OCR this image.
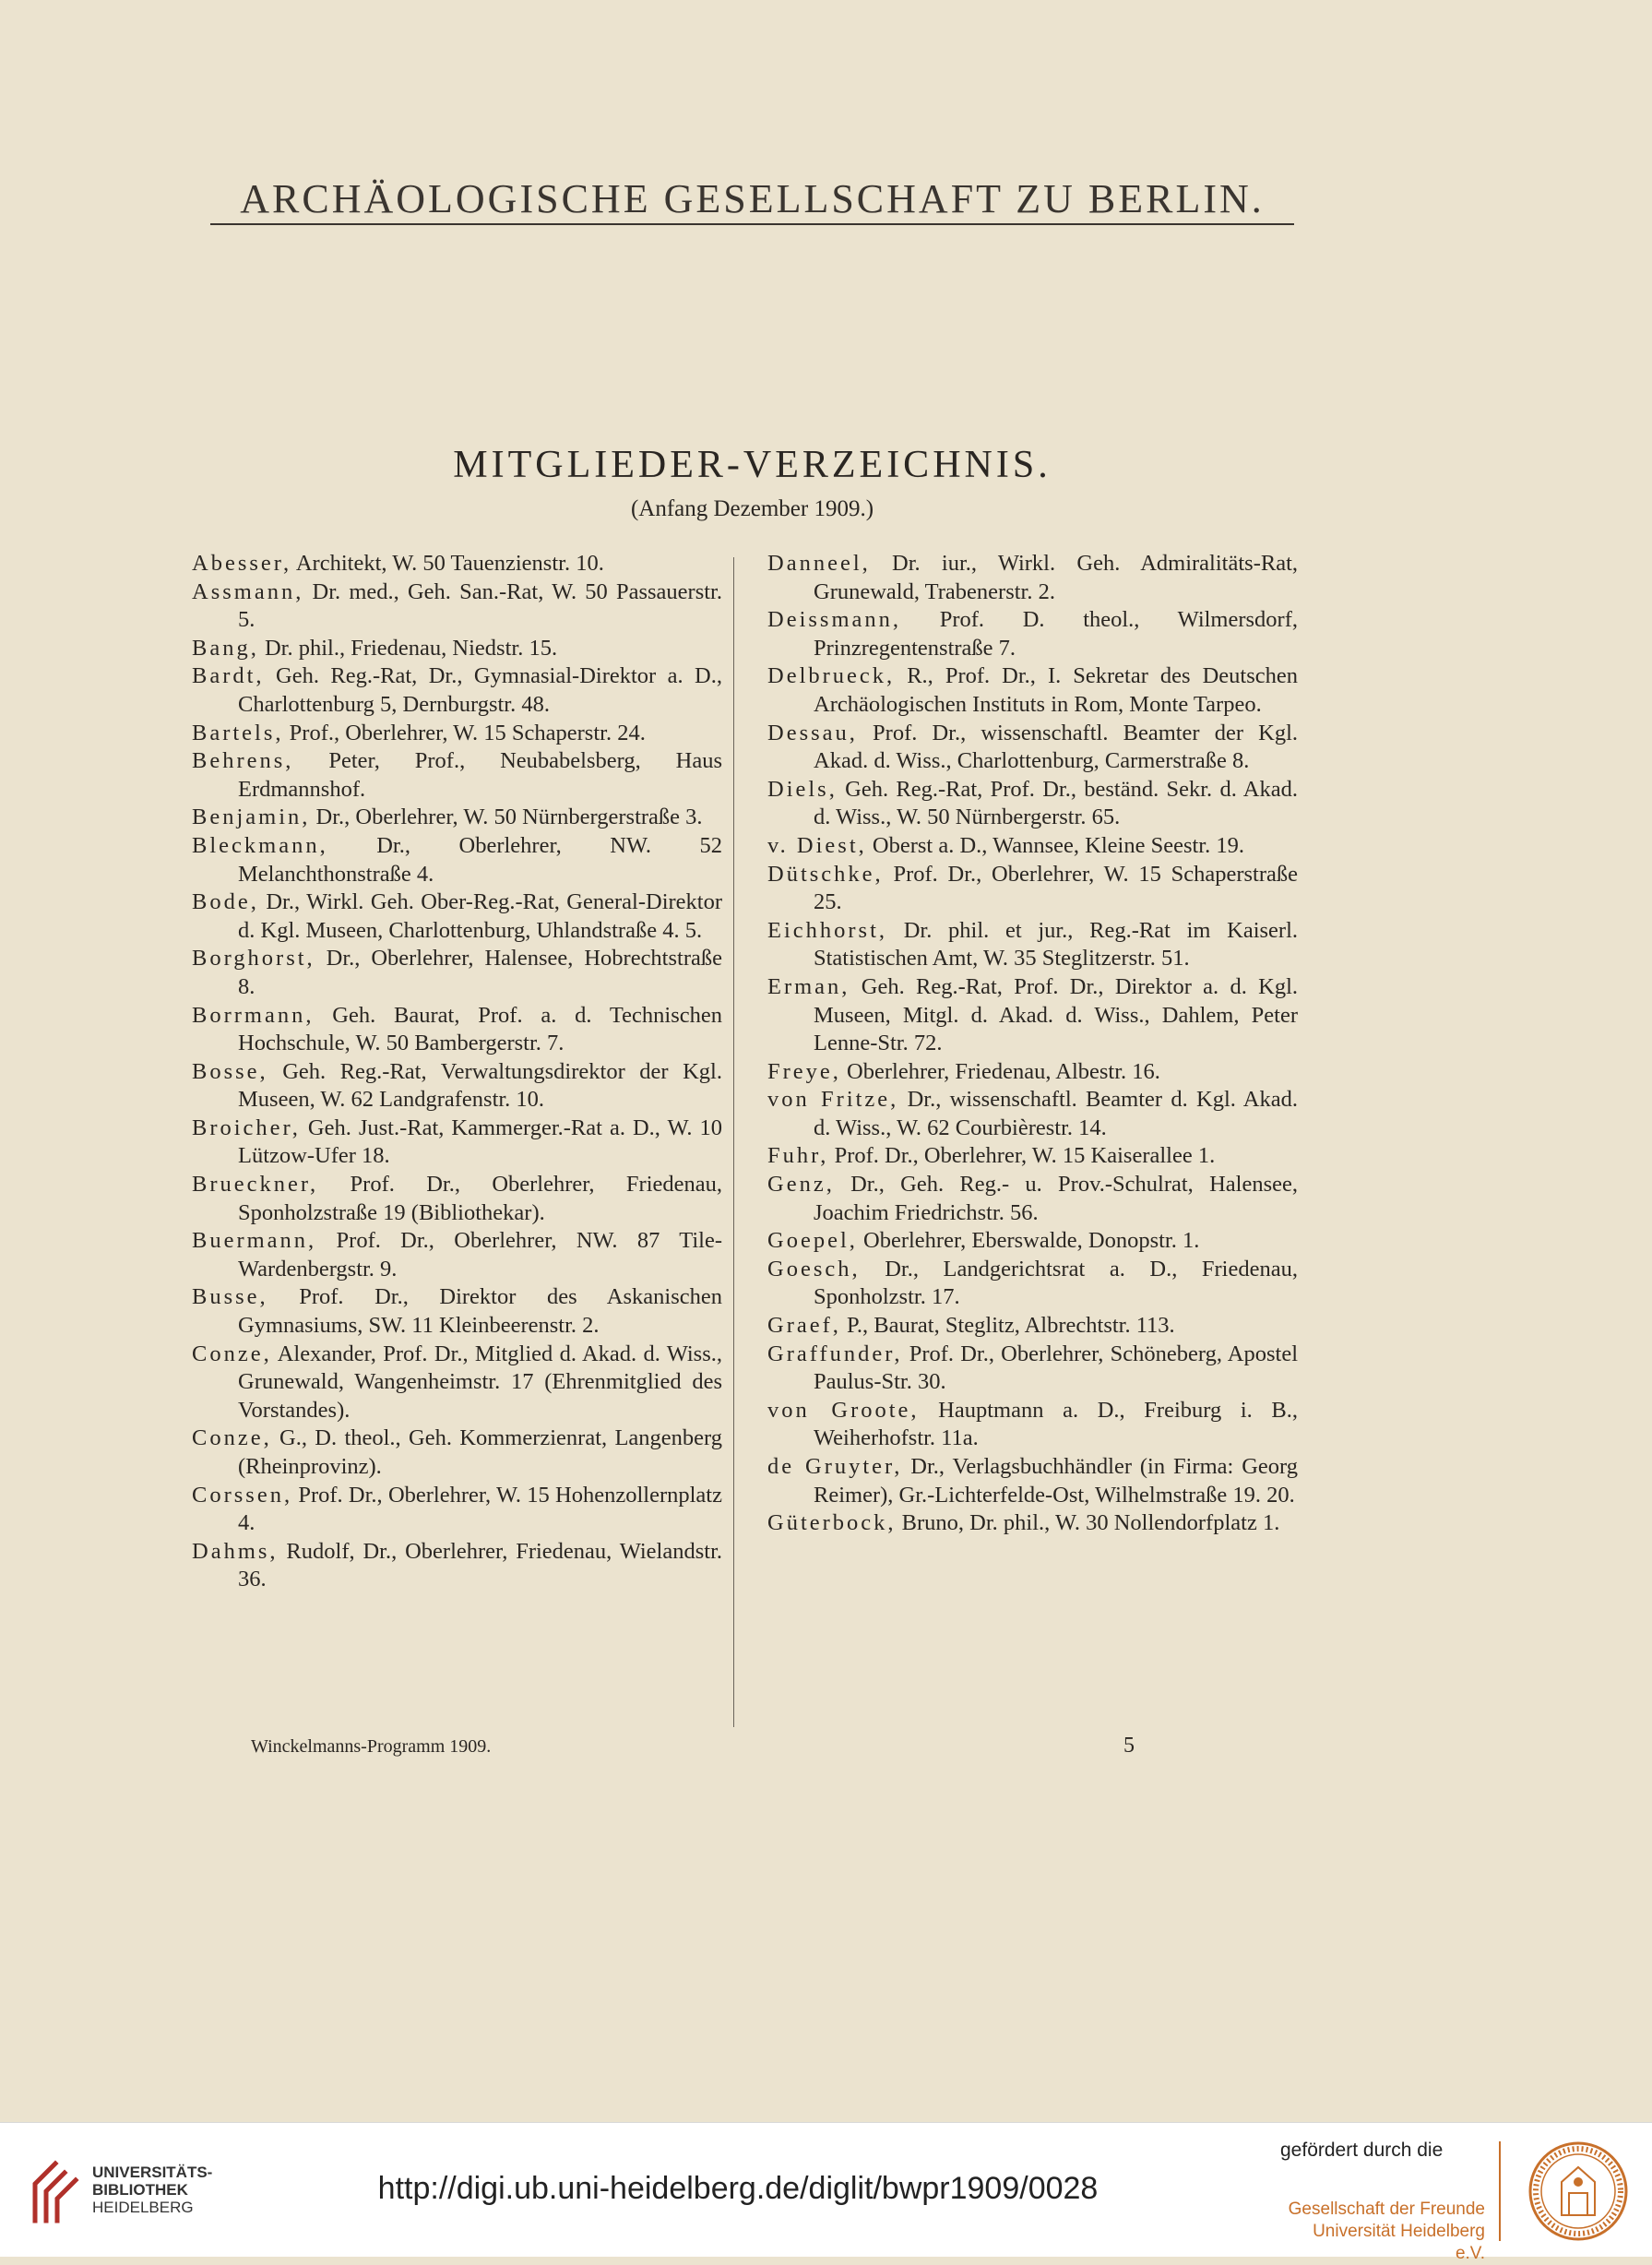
ARCHÄOLOGISCHE GESELLSCHAFT ZU BERLIN.
MITGLIEDER-VERZEICHNIS.
(Anfang Dezember 1909.)

Abesser, Architekt, W. 50 Tauenzienstr. 10.

Assmann, Dr. med., Geh. San.-Rat, W. 50 Passauerstr. 5.

Bang, Dr. phil., Friedenau, Niedstr. 15.

Bardt, Geh. Reg.-Rat, Dr., Gymnasial-Direktor a. D., Charlottenburg 5, Dernburgstr. 48.

Bartels, Prof., Oberlehrer, W. 15 Schaperstr. 24.

Behrens, Peter, Prof., Neubabelsberg, Haus Erdmannshof.

Benjamin, Dr., Oberlehrer, W. 50 Nürnbergerstraße 3.

Bleckmann, Dr., Oberlehrer, NW. 52 Melanchthonstraße 4.

Bode, Dr., Wirkl. Geh. Ober-Reg.-Rat, General-Direktor d. Kgl. Museen, Charlottenburg, Uhlandstraße 4. 5.

Borghorst, Dr., Oberlehrer, Halensee, Hobrechtstraße 8.

Borrmann, Geh. Baurat, Prof. a. d. Technischen Hochschule, W. 50 Bambergerstr. 7.

Bosse, Geh. Reg.-Rat, Verwaltungsdirektor der Kgl. Museen, W. 62 Landgrafenstr. 10.

Broicher, Geh. Just.-Rat, Kammerger.-Rat a. D., W. 10 Lützow-Ufer 18.

Brueckner, Prof. Dr., Oberlehrer, Friedenau, Sponholzstraße 19 (Bibliothekar).

Buermann, Prof. Dr., Oberlehrer, NW. 87 Tile-Wardenbergstr. 9.

Busse, Prof. Dr., Direktor des Askanischen Gymnasiums, SW. 11 Kleinbeerenstr. 2.

Conze, Alexander, Prof. Dr., Mitglied d. Akad. d. Wiss., Grunewald, Wangenheimstr. 17 (Ehrenmitglied des Vorstandes).

Conze, G., D. theol., Geh. Kommerzienrat, Langenberg (Rheinprovinz).

Corssen, Prof. Dr., Oberlehrer, W. 15 Hohenzollernplatz 4.

Dahms, Rudolf, Dr., Oberlehrer, Friedenau, Wielandstr. 36.

Danneel, Dr. iur., Wirkl. Geh. Admiralitäts-Rat, Grunewald, Trabenerstr. 2.

Deissmann, Prof. D. theol., Wilmersdorf, Prinzregentenstraße 7.

Delbrueck, R., Prof. Dr., I. Sekretar des Deutschen Archäologischen Instituts in Rom, Monte Tarpeo.

Dessau, Prof. Dr., wissenschaftl. Beamter der Kgl. Akad. d. Wiss., Charlottenburg, Carmerstraße 8.

Diels, Geh. Reg.-Rat, Prof. Dr., beständ. Sekr. d. Akad. d. Wiss., W. 50 Nürnbergerstr. 65.

v. Diest, Oberst a. D., Wannsee, Kleine Seestr. 19.

Dütschke, Prof. Dr., Oberlehrer, W. 15 Schaperstraße 25.

Eichhorst, Dr. phil. et jur., Reg.-Rat im Kaiserl. Statistischen Amt, W. 35 Steglitzerstr. 51.

Erman, Geh. Reg.-Rat, Prof. Dr., Direktor a. d. Kgl. Museen, Mitgl. d. Akad. d. Wiss., Dahlem, Peter Lenne-Str. 72.

Freye, Oberlehrer, Friedenau, Albestr. 16.

von Fritze, Dr., wissenschaftl. Beamter d. Kgl. Akad. d. Wiss., W. 62 Courbièrestr. 14.

Fuhr, Prof. Dr., Oberlehrer, W. 15 Kaiserallee 1.

Genz, Dr., Geh. Reg.- u. Prov.-Schulrat, Halensee, Joachim Friedrichstr. 56.

Goepel, Oberlehrer, Eberswalde, Donopstr. 1.

Goesch, Dr., Landgerichtsrat a. D., Friedenau, Sponholzstr. 17.

Graef, P., Baurat, Steglitz, Albrechtstr. 113.

Graffunder, Prof. Dr., Oberlehrer, Schöneberg, Apostel Paulus-Str. 30.

von Groote, Hauptmann a. D., Freiburg i. B., Weiherhofstr. 11a.

de Gruyter, Dr., Verlagsbuchhändler (in Firma: Georg Reimer), Gr.-Lichterfelde-Ost, Wilhelmstraße 19. 20.

Güterbock, Bruno, Dr. phil., W. 30 Nollendorfplatz 1.

Winckelmanns-Programm 1909.	5
UNIVERSITÄTS-
BIBLIOTHEK
HEIDELBERG
http://digi.ub.uni-heidelberg.de/diglit/bwpr1909/0028
gefördert durch die
Gesellschaft der Freunde
Universität Heidelberg e.V.
